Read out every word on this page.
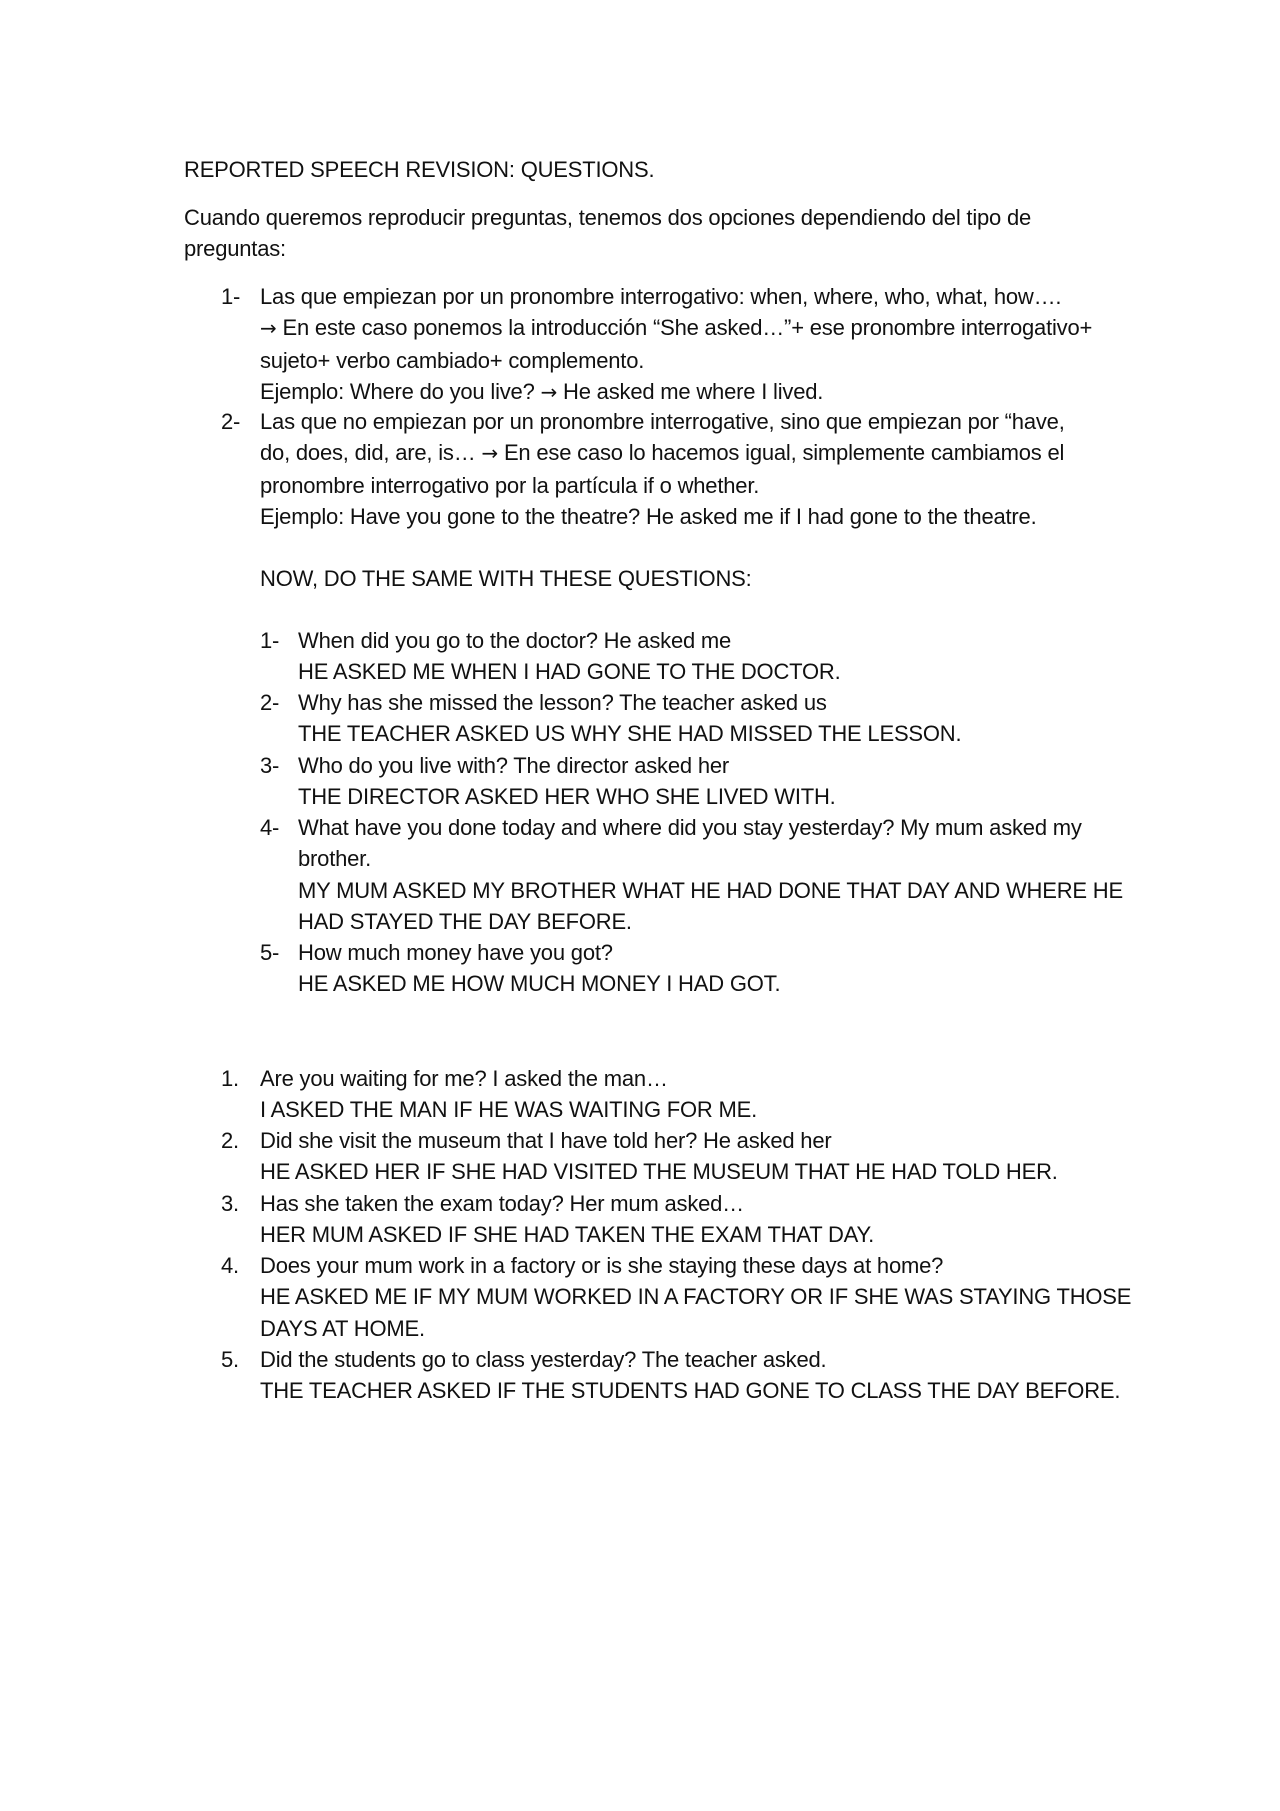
REPORTED SPEECH REVISION: QUESTIONS.
Cuando queremos reproducir preguntas, tenemos dos opciones dependiendo del tipo de
preguntas:
1- Las que empiezan por un pronombre interrogativo: when, where, who, what, how….
→ En este caso ponemos la introducción “She asked…”+ ese pronombre interrogativo+
sujeto+ verbo cambiado+ complemento.
Ejemplo: Where do you live? → He asked me where I lived.
2- Las que no empiezan por un pronombre interrogative, sino que empiezan por “have,
do, does, did, are, is… → En ese caso lo hacemos igual, simplemente cambiamos el
pronombre interrogativo por la partícula if o whether.
Ejemplo: Have you gone to the theatre? He asked me if I had gone to the theatre.
NOW, DO THE SAME WITH THESE QUESTIONS:
1- When did you go to the doctor? He asked me
HE ASKED ME WHEN I HAD GONE TO THE DOCTOR.
2- Why has she missed the lesson? The teacher asked us
THE TEACHER ASKED US WHY SHE HAD MISSED THE LESSON.
3- Who do you live with? The director asked her
THE DIRECTOR ASKED HER WHO SHE LIVED WITH.
4- What have you done today and where did you stay yesterday? My mum asked my
brother.
MY MUM ASKED MY BROTHER WHAT HE HAD DONE THAT DAY AND WHERE HE
HAD STAYED THE DAY BEFORE.
5- How much money have you got?
HE ASKED ME HOW MUCH MONEY I HAD GOT.
1. Are you waiting for me? I asked the man…
I ASKED THE MAN IF HE WAS WAITING FOR ME.
2. Did she visit the museum that I have told her? He asked her
HE ASKED HER IF SHE HAD VISITED THE MUSEUM THAT HE HAD TOLD HER.
3. Has she taken the exam today? Her mum asked…
HER MUM ASKED IF SHE HAD TAKEN THE EXAM THAT DAY.
4. Does your mum work in a factory or is she staying these days at home?
HE ASKED ME IF MY MUM WORKED IN A FACTORY OR IF SHE WAS STAYING THOSE
DAYS AT HOME.
5. Did the students go to class yesterday? The teacher asked.
THE TEACHER ASKED IF THE STUDENTS HAD GONE TO CLASS THE DAY BEFORE.
